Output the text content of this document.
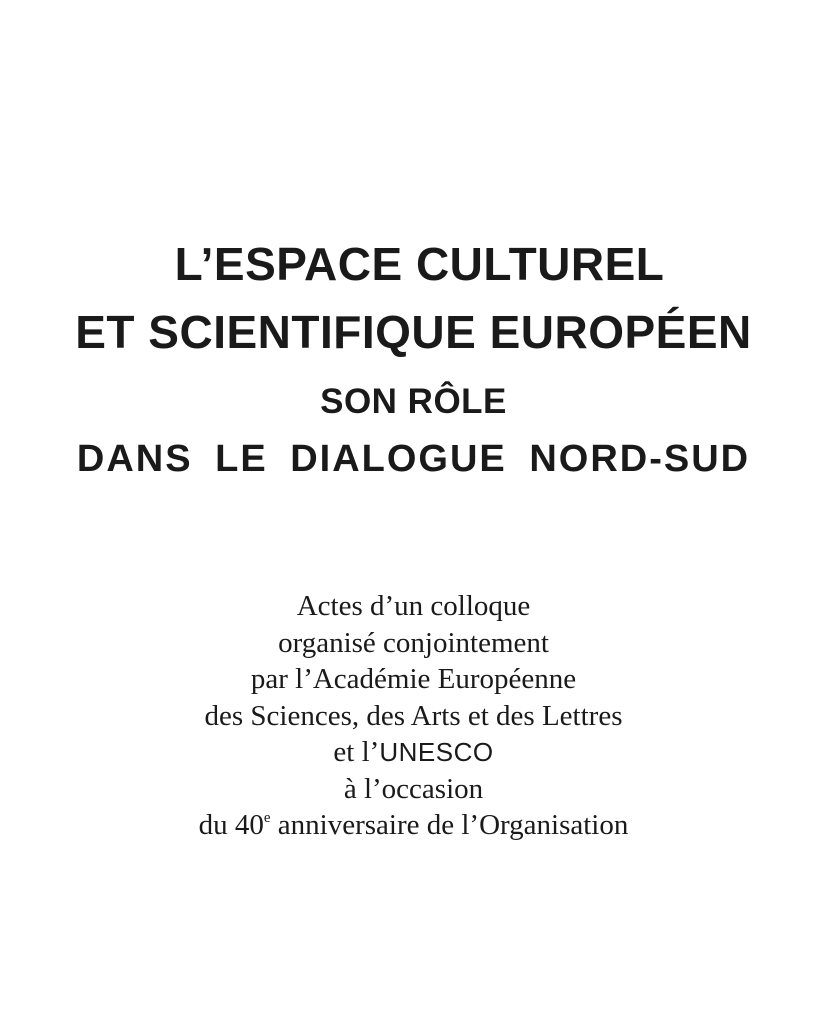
L’ESPACE CULTUREL
ET SCIENTIFIQUE EUROPÉEN
SON RÔLE
DANS LE DIALOGUE NORD-SUD
Actes d’un colloque
organisé conjointement
par l’Académie Européenne
des Sciences, des Arts et des Lettres
et l’UNESCO
à l’occasion
du 40e anniversaire de l’Organisation
